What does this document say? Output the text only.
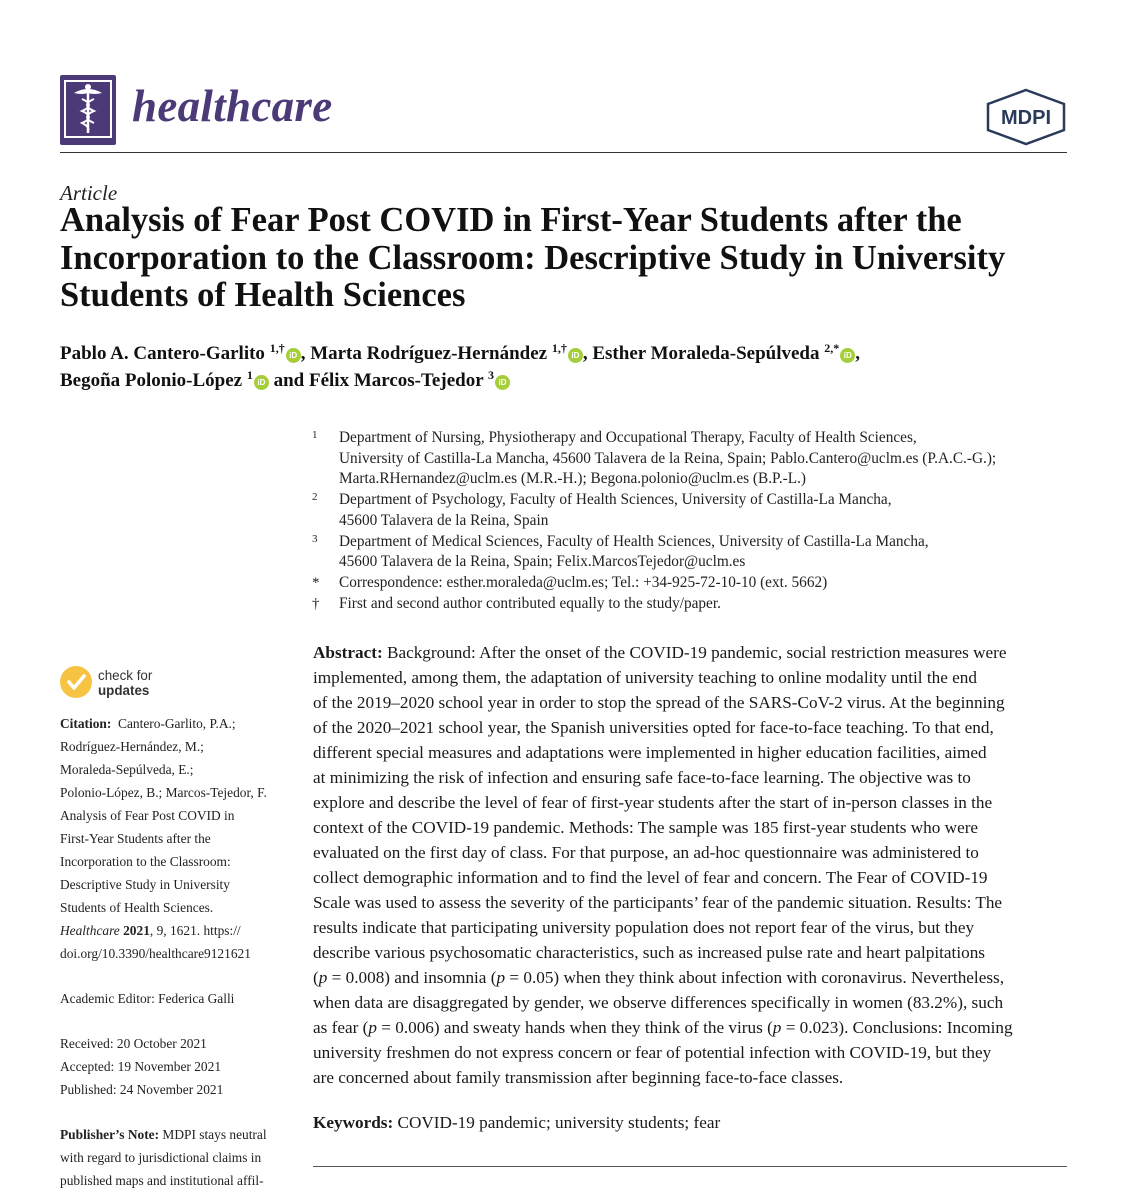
healthcare	MDPI
Article
Analysis of Fear Post COVID in First-Year Students after the
Incorporation to the Classroom: Descriptive Study in University
Students of Health Sciences
Pablo A. Cantero-Garlito $^{1,\dagger}$iD , Marta Rodríguez-Hernández $^{1,\dagger}$iD , Esther Moraleda-Sepúlveda $^{2,*}$iD ,
Begoña Polonio-López $^1$iD and Félix Marcos-Tejedor $^3$iD
1	Department of Nursing, Physiotherapy and Occupational Therapy, Faculty of Health Sciences,
University of Castilla-La Mancha, 45600 Talavera de la Reina, Spain; Pablo.Cantero@uclm.es (P.A.C.-G.);
Marta.RHernandez@uclm.es (M.R.-H.); Begona.polonio@uclm.es (B.P.-L.)
2	Department of Psychology, Faculty of Health Sciences, University of Castilla-La Mancha,
45600 Talavera de la Reina, Spain
3	Department of Medical Sciences, Faculty of Health Sciences, University of Castilla-La Mancha,
45600 Talavera de la Reina, Spain; Felix.MarcosTejedor@uclm.es
*	Correspondence: esther.moraleda@uclm.es; Tel.: +34-925-72-10-10 (ext. 5662)
†	First and second author contributed equally to the study/paper.
Abstract: Background: After the onset of the COVID-19 pandemic, social restriction measures were
implemented, among them, the adaptation of university teaching to online modality until the end
of the 2019–2020 school year in order to stop the spread of the SARS-CoV-2 virus. At the beginning
of the 2020–2021 school year, the Spanish universities opted for face-to-face teaching. To that end,
different special measures and adaptations were implemented in higher education facilities, aimed
at minimizing the risk of infection and ensuring safe face-to-face learning. The objective was to
explore and describe the level of fear of first-year students after the start of in-person classes in the
context of the COVID-19 pandemic. Methods: The sample was 185 first-year students who were
evaluated on the first day of class. For that purpose, an ad-hoc questionnaire was administered to
collect demographic information and to find the level of fear and concern. The Fear of COVID-19
Scale was used to assess the severity of the participants’ fear of the pandemic situation. Results: The
results indicate that participating university population does not report fear of the virus, but they
describe various psychosomatic characteristics, such as increased pulse rate and heart palpitations
(p = 0.008) and insomnia (p = 0.05) when they think about infection with coronavirus. Nevertheless,
when data are disaggregated by gender, we observe differences specifically in women (83.2%), such
as fear (p = 0.006) and sweaty hands when they think of the virus (p = 0.023). Conclusions: Incoming
university freshmen do not express concern or fear of potential infection with COVID-19, but they
are concerned about family transmission after beginning face-to-face classes.
Keywords: COVID-19 pandemic; university students; fear
check for
updates
Citation: Cantero-Garlito, P.A.;
Rodríguez-Hernández, M.;
Moraleda-Sepúlveda, E.;
Polonio-López, B.; Marcos-Tejedor, F.
Analysis of Fear Post COVID in
First-Year Students after the
Incorporation to the Classroom:
Descriptive Study in University
Students of Health Sciences.
Healthcare 2021, 9, 1621. https://
doi.org/10.3390/healthcare9121621
Academic Editor: Federica Galli
Received: 20 October 2021
Accepted: 19 November 2021
Published: 24 November 2021
Publisher’s Note: MDPI stays neutral
with regard to jurisdictional claims in
published maps and institutional affil-
